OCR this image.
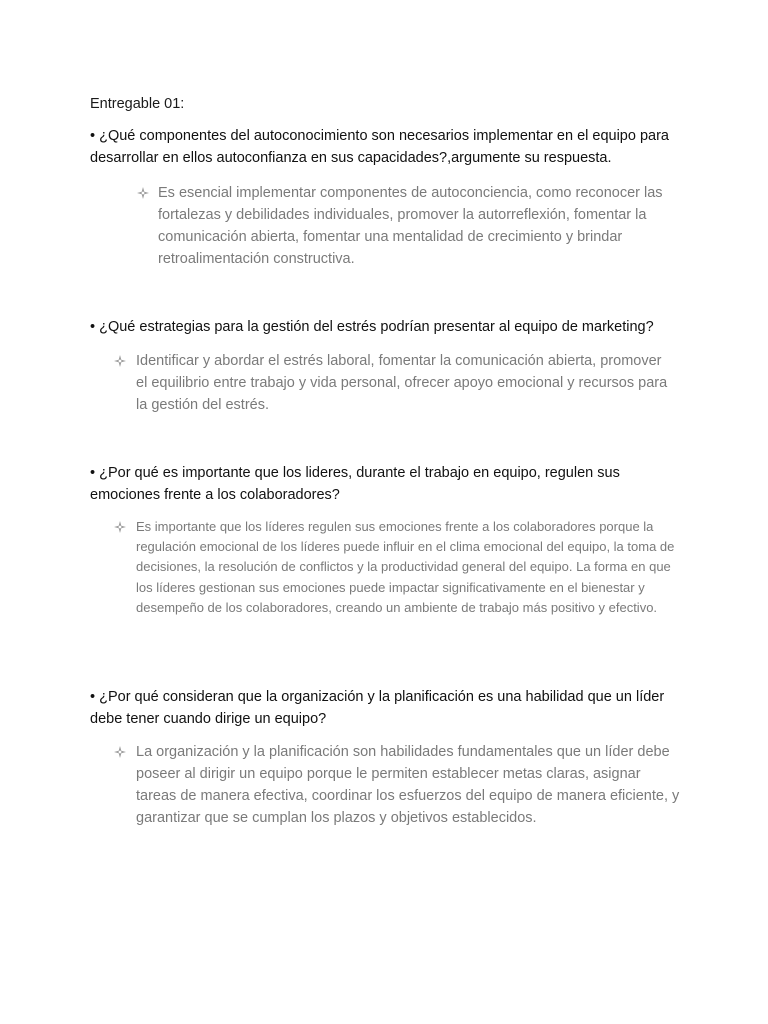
Entregable 01:
• ¿Qué componentes del autoconocimiento son necesarios implementar en el equipo para desarrollar en ellos autoconfianza en sus capacidades?,argumente su respuesta.
Es esencial implementar componentes de autoconciencia, como reconocer las fortalezas y debilidades individuales, promover la autorreflexión, fomentar la comunicación abierta, fomentar una mentalidad de crecimiento y brindar retroalimentación constructiva.
• ¿Qué estrategias para la gestión del estrés podrían presentar al equipo de marketing?
Identificar y abordar el estrés laboral, fomentar la comunicación abierta, promover el equilibrio entre trabajo y vida personal, ofrecer apoyo emocional y recursos para la gestión del estrés.
• ¿Por qué es importante que los lideres, durante el trabajo en equipo, regulen sus emociones frente a los colaboradores?
Es importante que los líderes regulen sus emociones frente a los colaboradores porque la regulación emocional de los líderes puede influir en el clima emocional del equipo, la toma de decisiones, la resolución de conflictos y la productividad general del equipo. La forma en que los líderes gestionan sus emociones puede impactar significativamente en el bienestar y desempeño de los colaboradores, creando un ambiente de trabajo más positivo y efectivo.
• ¿Por qué consideran que la organización y la planificación es una habilidad que un líder debe tener cuando dirige un equipo?
La organización y la planificación son habilidades fundamentales que un líder debe poseer al dirigir un equipo porque le permiten establecer metas claras, asignar tareas de manera efectiva, coordinar los esfuerzos del equipo de manera eficiente, y garantizar que se cumplan los plazos y objetivos establecidos.
